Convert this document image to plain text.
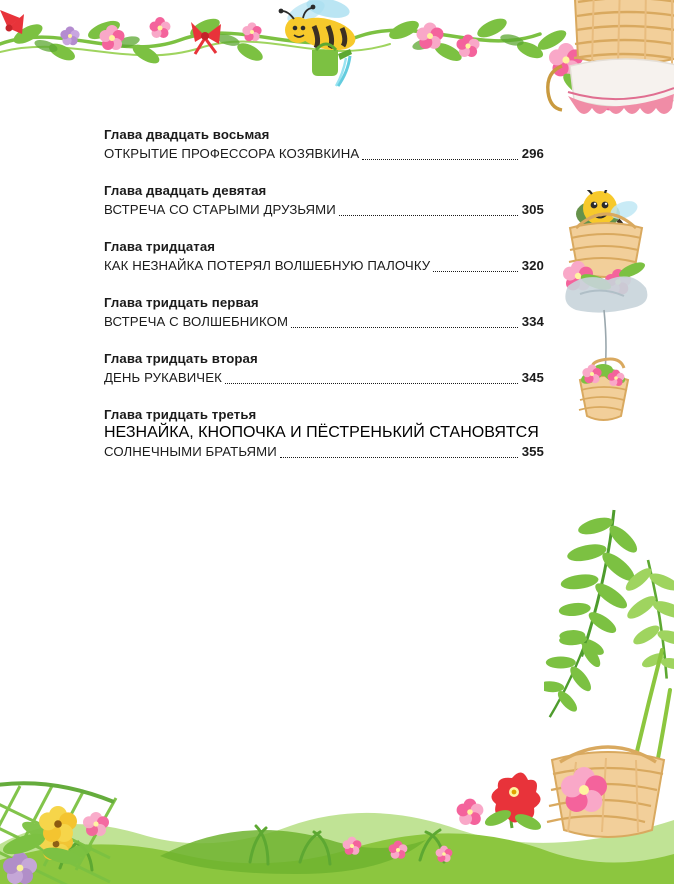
Глава двадцать восьмая
ОТКРЫТИЕ ПРОФЕССОРА КОЗЯВКИНА	296
Глава двадцать девятая
ВСТРЕЧА СО СТАРЫМИ ДРУЗЬЯМИ	305
Глава тридцатая
КАК НЕЗНАЙКА ПОТЕРЯЛ ВОЛШЕБНУЮ ПАЛОЧКУ	320
Глава тридцать первая
ВСТРЕЧА С ВОЛШЕБНИКОМ	334
Глава тридцать вторая
ДЕНЬ РУКАВИЧЕК	345
Глава тридцать третья
НЕЗНАЙКА, КНОПОЧКА И ПЁСТРЕНЬКИЙ СТАНОВЯТСЯ
СОЛНЕЧНЫМИ БРАТЬЯМИ	355
